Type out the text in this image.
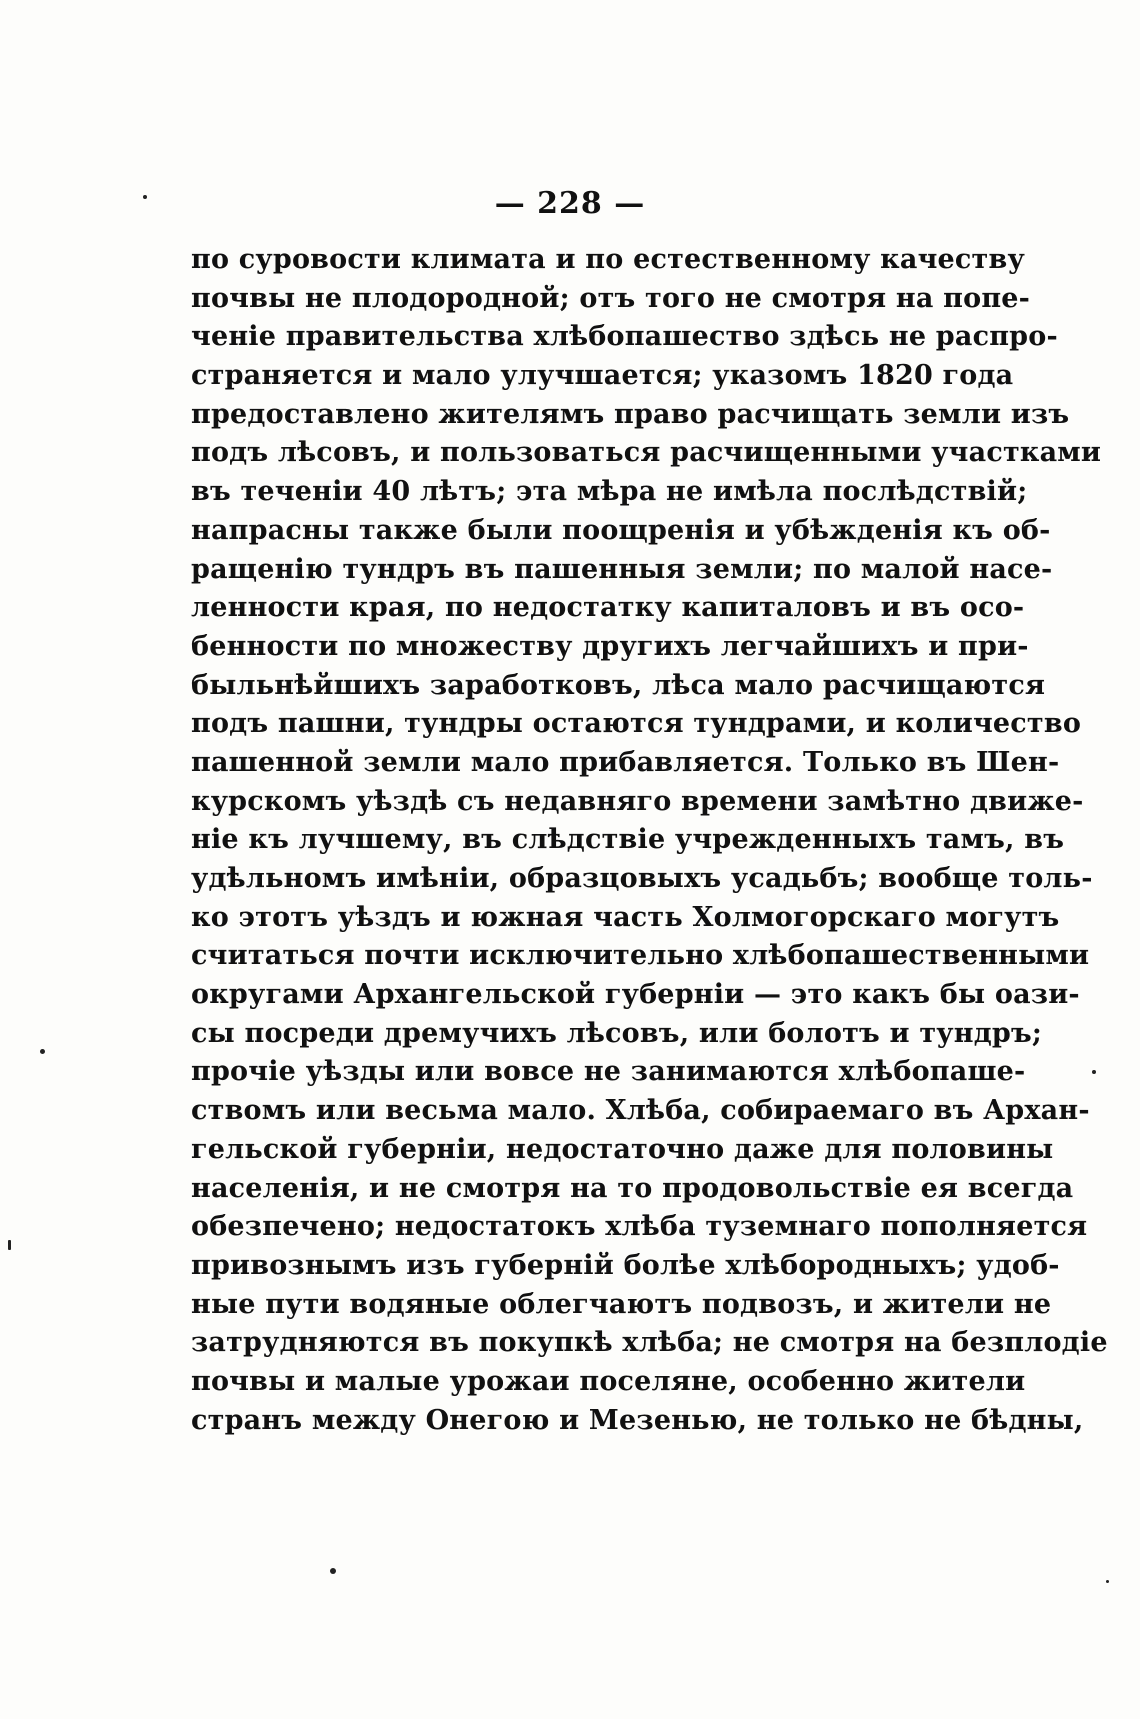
— 228 —
по суровости климата и по естественному качеству
почвы не плодородной; отъ того не смотря на попе-
ченіе правительства хлѣбопашество здѣсь не распро-
страняется и мало улучшается; указомъ 1820 года
предоставлено жителямъ право расчищать земли изъ
подъ лѣсовъ, и пользоваться расчищенными участками
въ теченіи 40 лѣтъ; эта мѣра не имѣла послѣдствій;
напрасны также были поощренія и убѣжденія къ об-
ращенію тундръ въ пашенныя земли; по малой насе-
ленности края, по недостатку капиталовъ и въ осо-
бенности по множеству другихъ легчайшихъ и при-
быльнѣйшихъ заработковъ, лѣса мало расчищаются
подъ пашни, тундры остаются тундрами, и количество
пашенной земли мало прибавляется. Только въ Шен-
курскомъ уѣздѣ съ недавняго времени замѣтно движе-
ніе къ лучшему, въ слѣдствіе учрежденныхъ тамъ, въ
удѣльномъ имѣніи, образцовыхъ усадьбъ; вообще толь-
ко этотъ уѣздъ и южная часть Холмогорскаго могутъ
считаться почти исключительно хлѣбопашественными
округами Архангельской губерніи — это какъ бы оази-
сы посреди дремучихъ лѣсовъ, или болотъ и тундръ;
прочіе уѣзды или вовсе не занимаются хлѣбопаше-
ствомъ или весьма мало. Хлѣба, собираемаго въ Архан-
гельской губерніи, недостаточно даже для половины
населенія, и не смотря на то продовольствіе ея всегда
обезпечено; недостатокъ хлѣба туземнаго пополняется
привознымъ изъ губерній болѣе хлѣбородныхъ; удоб-
ные пути водяные облегчаютъ подвозъ, и жители не
затрудняются въ покупкѣ хлѣба; не смотря на безплодіе
почвы и малые урожаи поселяне, особенно жители
странъ между Онегою и Мезенью, не только не бѣдны,
